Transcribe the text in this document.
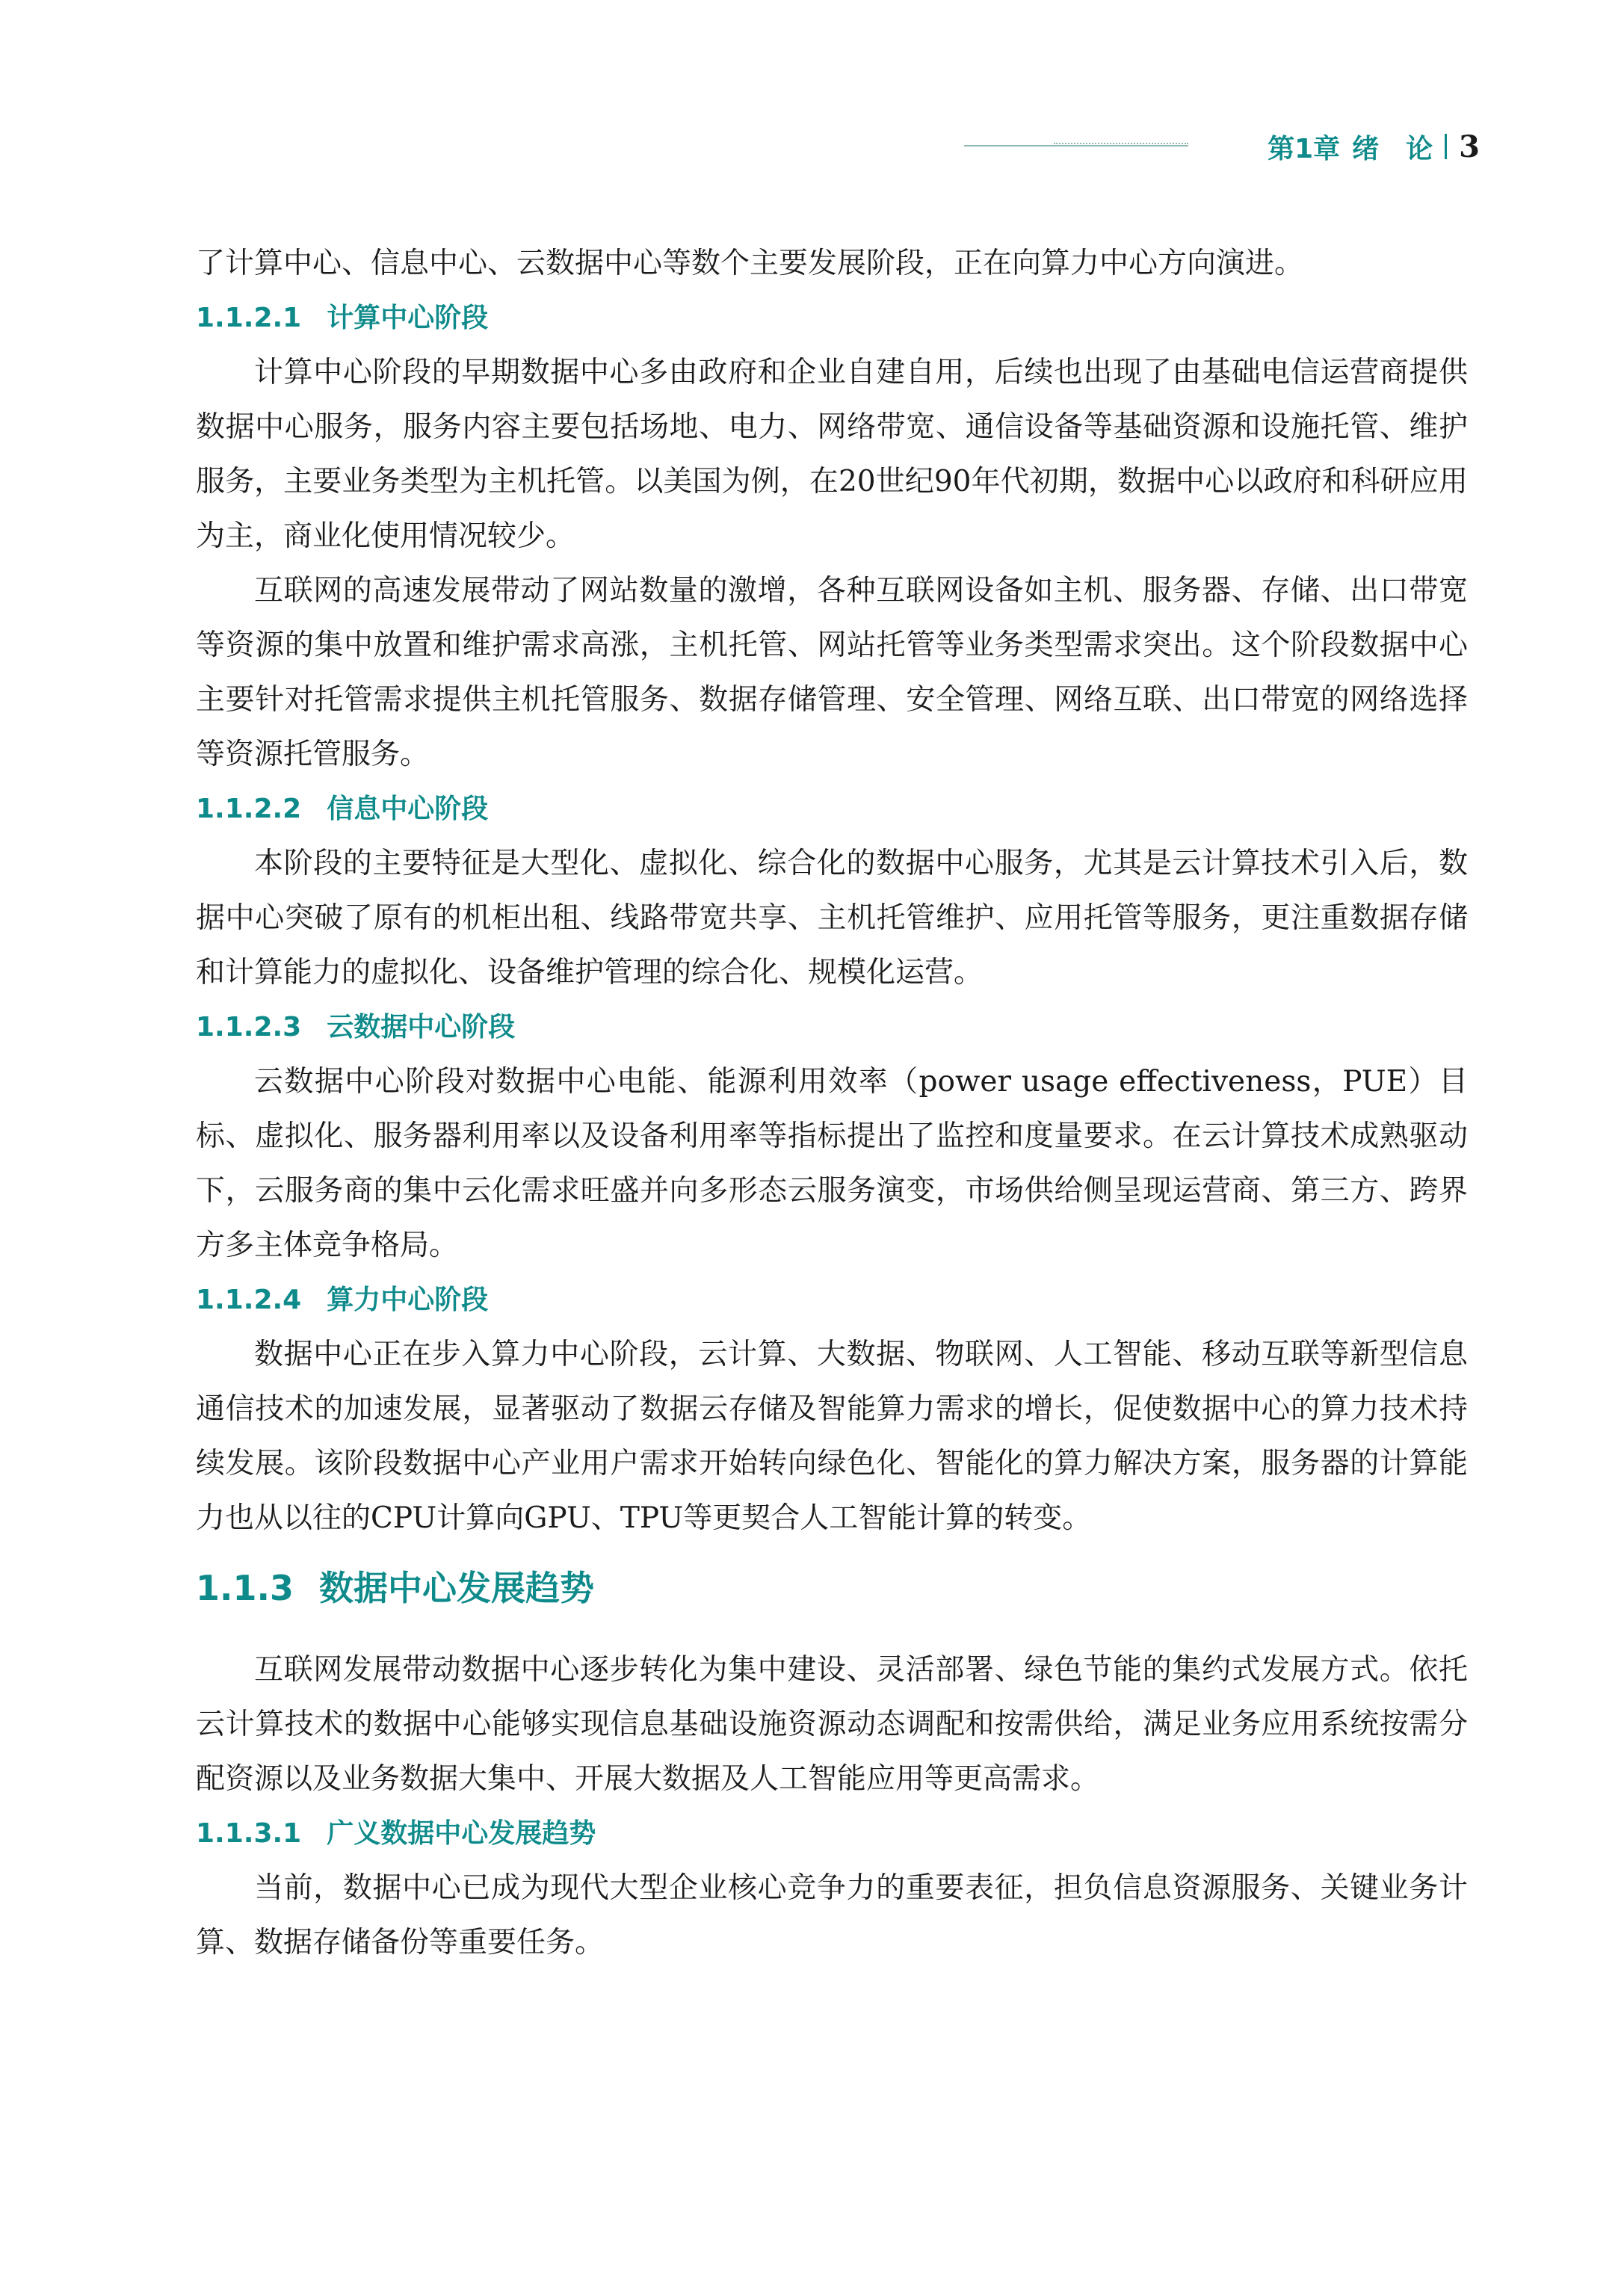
第1章 绪　论 3

了计算中心、信息中心、云数据中心等数个主要发展阶段，正在向算力中心方向演进。

1.1.2.1 计算中心阶段

计算中心阶段的早期数据中心多由政府和企业自建自用，后续也出现了由基础电信运营商提供数据中心服务，服务内容主要包括场地、电力、网络带宽、通信设备等基础资源和设施托管、维护服务，主要业务类型为主机托管。以美国为例，在20世纪90年代初期，数据中心以政府和科研应用为主，商业化使用情况较少。

互联网的高速发展带动了网站数量的激增，各种互联网设备如主机、服务器、存储、出口带宽等资源的集中放置和维护需求高涨，主机托管、网站托管等业务类型需求突出。这个阶段数据中心主要针对托管需求提供主机托管服务、数据存储管理、安全管理、网络互联、出口带宽的网络选择等资源托管服务。

1.1.2.2 信息中心阶段

本阶段的主要特征是大型化、虚拟化、综合化的数据中心服务，尤其是云计算技术引入后，数据中心突破了原有的机柜出租、线路带宽共享、主机托管维护、应用托管等服务，更注重数据存储和计算能力的虚拟化、设备维护管理的综合化、规模化运营。

1.1.2.3 云数据中心阶段

云数据中心阶段对数据中心电能、能源利用效率（power usage effectiveness，PUE）目标、虚拟化、服务器利用率以及设备利用率等指标提出了监控和度量要求。在云计算技术成熟驱动下，云服务商的集中云化需求旺盛并向多形态云服务演变，市场供给侧呈现运营商、第三方、跨界方多主体竞争格局。

1.1.2.4 算力中心阶段

数据中心正在步入算力中心阶段，云计算、大数据、物联网、人工智能、移动互联等新型信息通信技术的加速发展，显著驱动了数据云存储及智能算力需求的增长，促使数据中心的算力技术持续发展。该阶段数据中心产业用户需求开始转向绿色化、智能化的算力解决方案，服务器的计算能力也从以往的CPU计算向GPU、TPU等更契合人工智能计算的转变。

1.1.3 数据中心发展趋势

互联网发展带动数据中心逐步转化为集中建设、灵活部署、绿色节能的集约式发展方式。依托云计算技术的数据中心能够实现信息基础设施资源动态调配和按需供给，满足业务应用系统按需分配资源以及业务数据大集中、开展大数据及人工智能应用等更高需求。

1.1.3.1 广义数据中心发展趋势

当前，数据中心已成为现代大型企业核心竞争力的重要表征，担负信息资源服务、关键业务计算、数据存储备份等重要任务。
